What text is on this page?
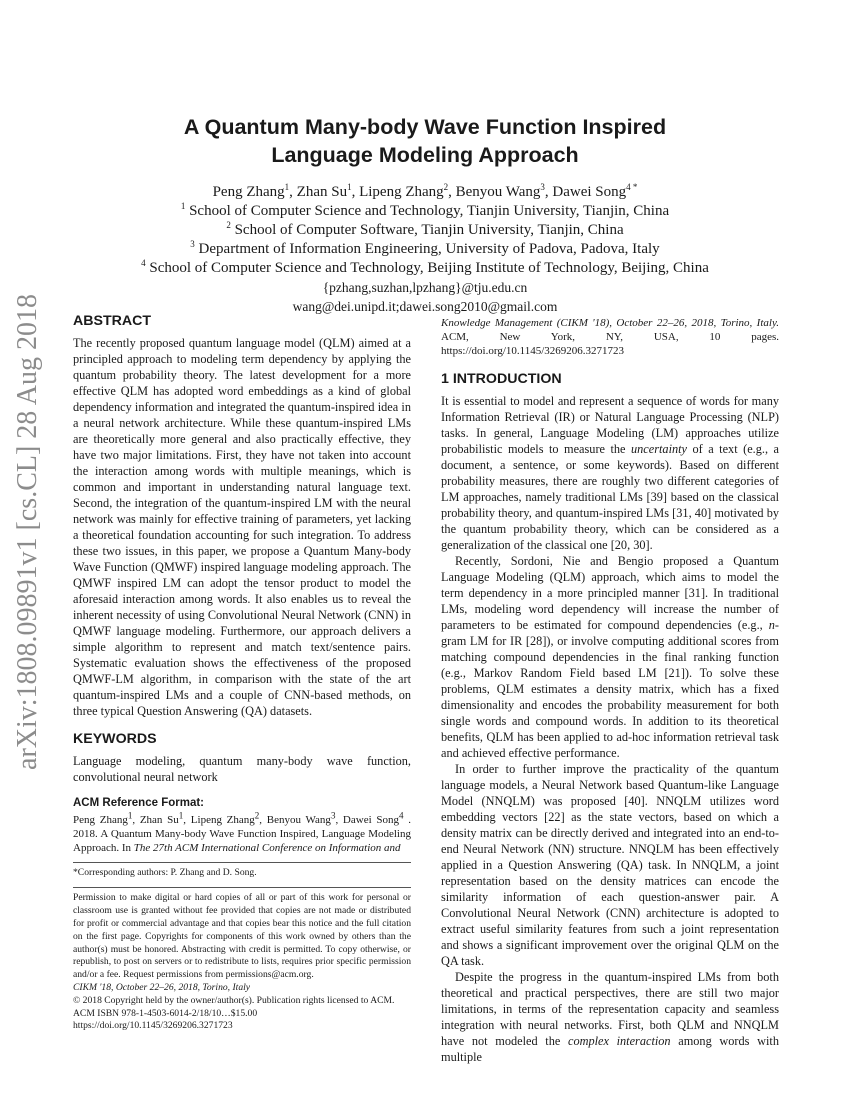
arXiv:1808.09891v1 [cs.CL] 28 Aug 2018
A Quantum Many-body Wave Function Inspired
Language Modeling Approach
Peng Zhang$^1$, Zhan Su$^1$, Lipeng Zhang$^2$, Benyou Wang$^3$, Dawei Song$^{4 *}$
$^1$ School of Computer Science and Technology, Tianjin University, Tianjin, China
$^2$ School of Computer Software, Tianjin University, Tianjin, China
$^3$ Department of Information Engineering, University of Padova, Padova, Italy
$^4$ School of Computer Science and Technology, Beijing Institute of Technology, Beijing, China
{pzhang,suzhan,lpzhang}@tju.edu.cn
wang@dei.unipd.it;dawei.song2010@gmail.com
ABSTRACT

The recently proposed quantum language model (QLM) aimed at a principled approach to modeling term dependency by applying the quantum probability theory. The latest development for a more effective QLM has adopted word embeddings as a kind of global dependency information and integrated the quantum-inspired idea in a neural network architecture. While these quantum-inspired LMs are theoretically more general and also practically effective, they have two major limitations. First, they have not taken into account the interaction among words with multiple meanings, which is common and important in understanding natural language text. Second, the integration of the quantum-inspired LM with the neural network was mainly for effective training of parameters, yet lacking a theoretical foundation accounting for such integration. To address these two issues, in this paper, we propose a Quantum Many-body Wave Function (QMWF) inspired language modeling approach. The QMWF inspired LM can adopt the tensor product to model the aforesaid interaction among words. It also enables us to reveal the inherent necessity of using Convolutional Neural Network (CNN) in QMWF language modeling. Furthermore, our approach delivers a simple algorithm to represent and match text/sentence pairs. Systematic evaluation shows the effectiveness of the proposed QMWF-LM algorithm, in comparison with the state of the art quantum-inspired LMs and a couple of CNN-based methods, on three typical Question Answering (QA) datasets.

KEYWORDS

Language modeling, quantum many-body wave function, convolutional neural network

ACM Reference Format:

Peng Zhang$^1$, Zhan Su$^1$, Lipeng Zhang$^2$, Benyou Wang$^3$, Dawei Song$^4$ . 2018. A Quantum Many-body Wave Function Inspired, Language Modeling Approach. In The 27th ACM International Conference on Information and

*Corresponding authors: P. Zhang and D. Song.

Permission to make digital or hard copies of all or part of this work for personal or classroom use is granted without fee provided that copies are not made or distributed for profit or commercial advantage and that copies bear this notice and the full citation on the first page. Copyrights for components of this work owned by others than the author(s) must be honored. Abstracting with credit is permitted. To copy otherwise, or republish, to post on servers or to redistribute to lists, requires prior specific permission and/or a fee. Request permissions from permissions@acm.org.

CIKM '18, October 22–26, 2018, Torino, Italy

© 2018 Copyright held by the owner/author(s). Publication rights licensed to ACM.

ACM ISBN 978-1-4503-6014-2/18/10…$15.00

https://doi.org/10.1145/3269206.3271723

Knowledge Management (CIKM '18), October 22–26, 2018, Torino, Italy. ACM, New York, NY, USA, 10 pages. https://doi.org/10.1145/3269206.3271723

1 INTRODUCTION

It is essential to model and represent a sequence of words for many Information Retrieval (IR) or Natural Language Processing (NLP) tasks. In general, Language Modeling (LM) approaches utilize probabilistic models to measure the uncertainty of a text (e.g., a document, a sentence, or some keywords). Based on different probability measures, there are roughly two different categories of LM approaches, namely traditional LMs [39] based on the classical probability theory, and quantum-inspired LMs [31, 40] motivated by the quantum probability theory, which can be considered as a generalization of the classical one [20, 30].

Recently, Sordoni, Nie and Bengio proposed a Quantum Language Modeling (QLM) approach, which aims to model the term dependency in a more principled manner [31]. In traditional LMs, modeling word dependency will increase the number of parameters to be estimated for compound dependencies (e.g., n-gram LM for IR [28]), or involve computing additional scores from matching compound dependencies in the final ranking function (e.g., Markov Random Field based LM [21]). To solve these problems, QLM estimates a density matrix, which has a fixed dimensionality and encodes the probability measurement for both single words and compound words. In addition to its theoretical benefits, QLM has been applied to ad-hoc information retrieval task and achieved effective performance.

In order to further improve the practicality of the quantum language models, a Neural Network based Quantum-like Language Model (NNQLM) was proposed [40]. NNQLM utilizes word embedding vectors [22] as the state vectors, based on which a density matrix can be directly derived and integrated into an end-to-end Neural Network (NN) structure. NNQLM has been effectively applied in a Question Answering (QA) task. In NNQLM, a joint representation based on the density matrices can encode the similarity information of each question-answer pair. A Convolutional Neural Network (CNN) architecture is adopted to extract useful similarity features from such a joint representation and shows a significant improvement over the original QLM on the QA task.

Despite the progress in the quantum-inspired LMs from both theoretical and practical perspectives, there are still two major limitations, in terms of the representation capacity and seamless integration with neural networks. First, both QLM and NNQLM have not modeled the complex interaction among words with multiple
